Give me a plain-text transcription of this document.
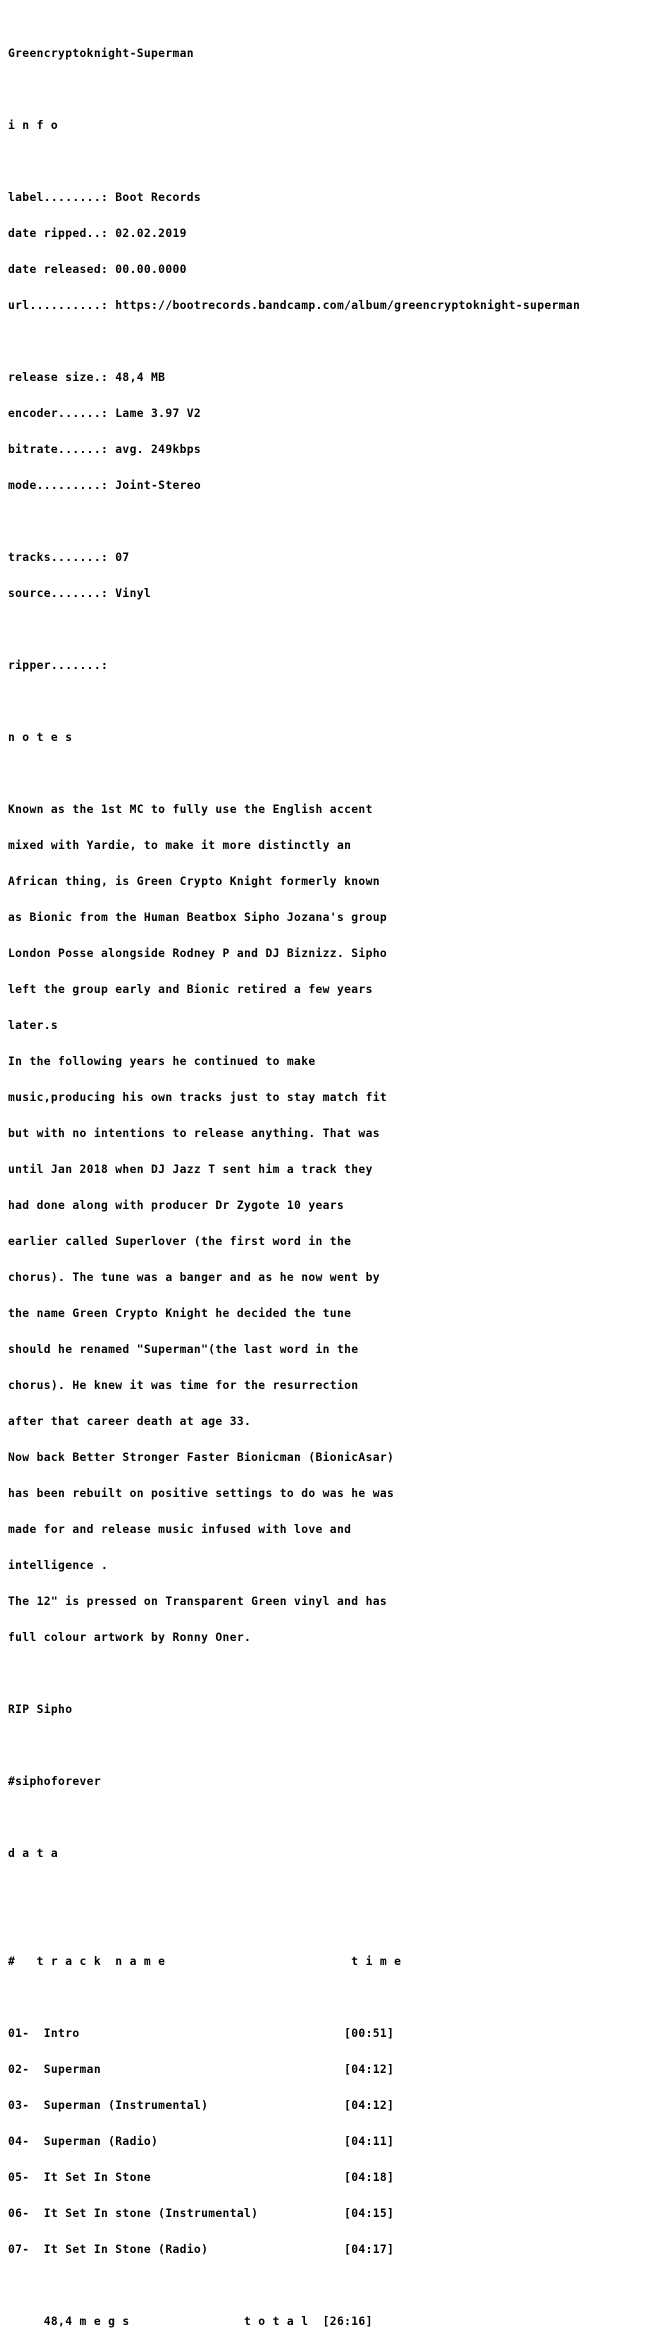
Greencryptoknight-Superman

i n f o

label........: Boot Records

date ripped..: 02.02.2019

date released: 00.00.0000

url..........: https://bootrecords.bandcamp.com/album/greencryptoknight-superman

release size.: 48,4 MB

encoder......: Lame 3.97 V2

bitrate......: avg. 249kbps

mode.........: Joint-Stereo

tracks.......: 07

source.......: Vinyl

ripper.......:

n o t e s

Known as the 1st MC to fully use the English accent

mixed with Yardie, to make it more distinctly an

African thing, is Green Crypto Knight formerly known

as Bionic from the Human Beatbox Sipho Jozana's group

London Posse alongside Rodney P and DJ Biznizz. Sipho

left the group early and Bionic retired a few years

later.s

In the following years he continued to make

music,producing his own tracks just to stay match fit

but with no intentions to release anything. That was

until Jan 2018 when DJ Jazz T sent him a track they

had done along with producer Dr Zygote 10 years

earlier called Superlover (the first word in the

chorus). The tune was a banger and as he now went by

the name Green Crypto Knight he decided the tune

should he renamed "Superman"(the last word in the

chorus). He knew it was time for the resurrection

after that career death at age 33.

Now back Better Stronger Faster Bionicman (BionicAsar)

has been rebuilt on positive settings to do was he was

made for and release music infused with love and

intelligence .

The 12" is pressed on Transparent Green vinyl and has

full colour artwork by Ronny Oner.

RIP Sipho

#siphoforever

d a t a

#   t r a c k  n a m e                          t i m e

01-  Intro                                     [00:51]

02-  Superman                                  [04:12]

03-  Superman (Instrumental)                   [04:12]

04-  Superman (Radio)                          [04:11]

05-  It Set In Stone                           [04:18]

06-  It Set In stone (Instrumental)            [04:15]

07-  It Set In Stone (Radio)                   [04:17]

48,4 m e g s                t o t a l  [26:16]
